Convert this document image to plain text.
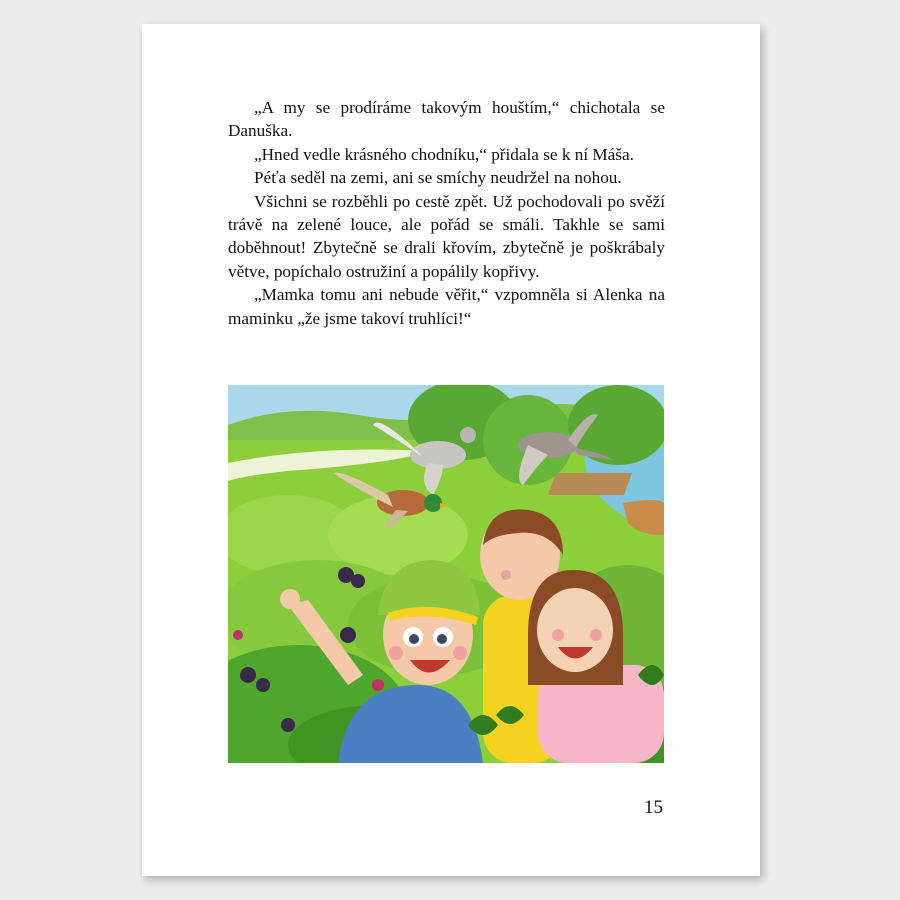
„A my se prodíráme takovým houštím,“ chichotala se Danuška.

„Hned vedle krásného chodníku,“ přidala se k ní Máša.

Péťa seděl na zemi, ani se smíchy neudržel na nohou.

Všichni se rozběhli po cestě zpět. Už pochodovali po svěží trávě na zelené louce, ale pořád se smáli. Takhle se sami doběhnout! Zbytečně se drali křovím, zbytečně je poškrábaly větve, popíchalo ostružiní a popálily kopřivy.

„Mamka tomu ani nebude věřit,“ vzpomněla si Alenka na maminku „že jsme takoví truhlíci!“

15
